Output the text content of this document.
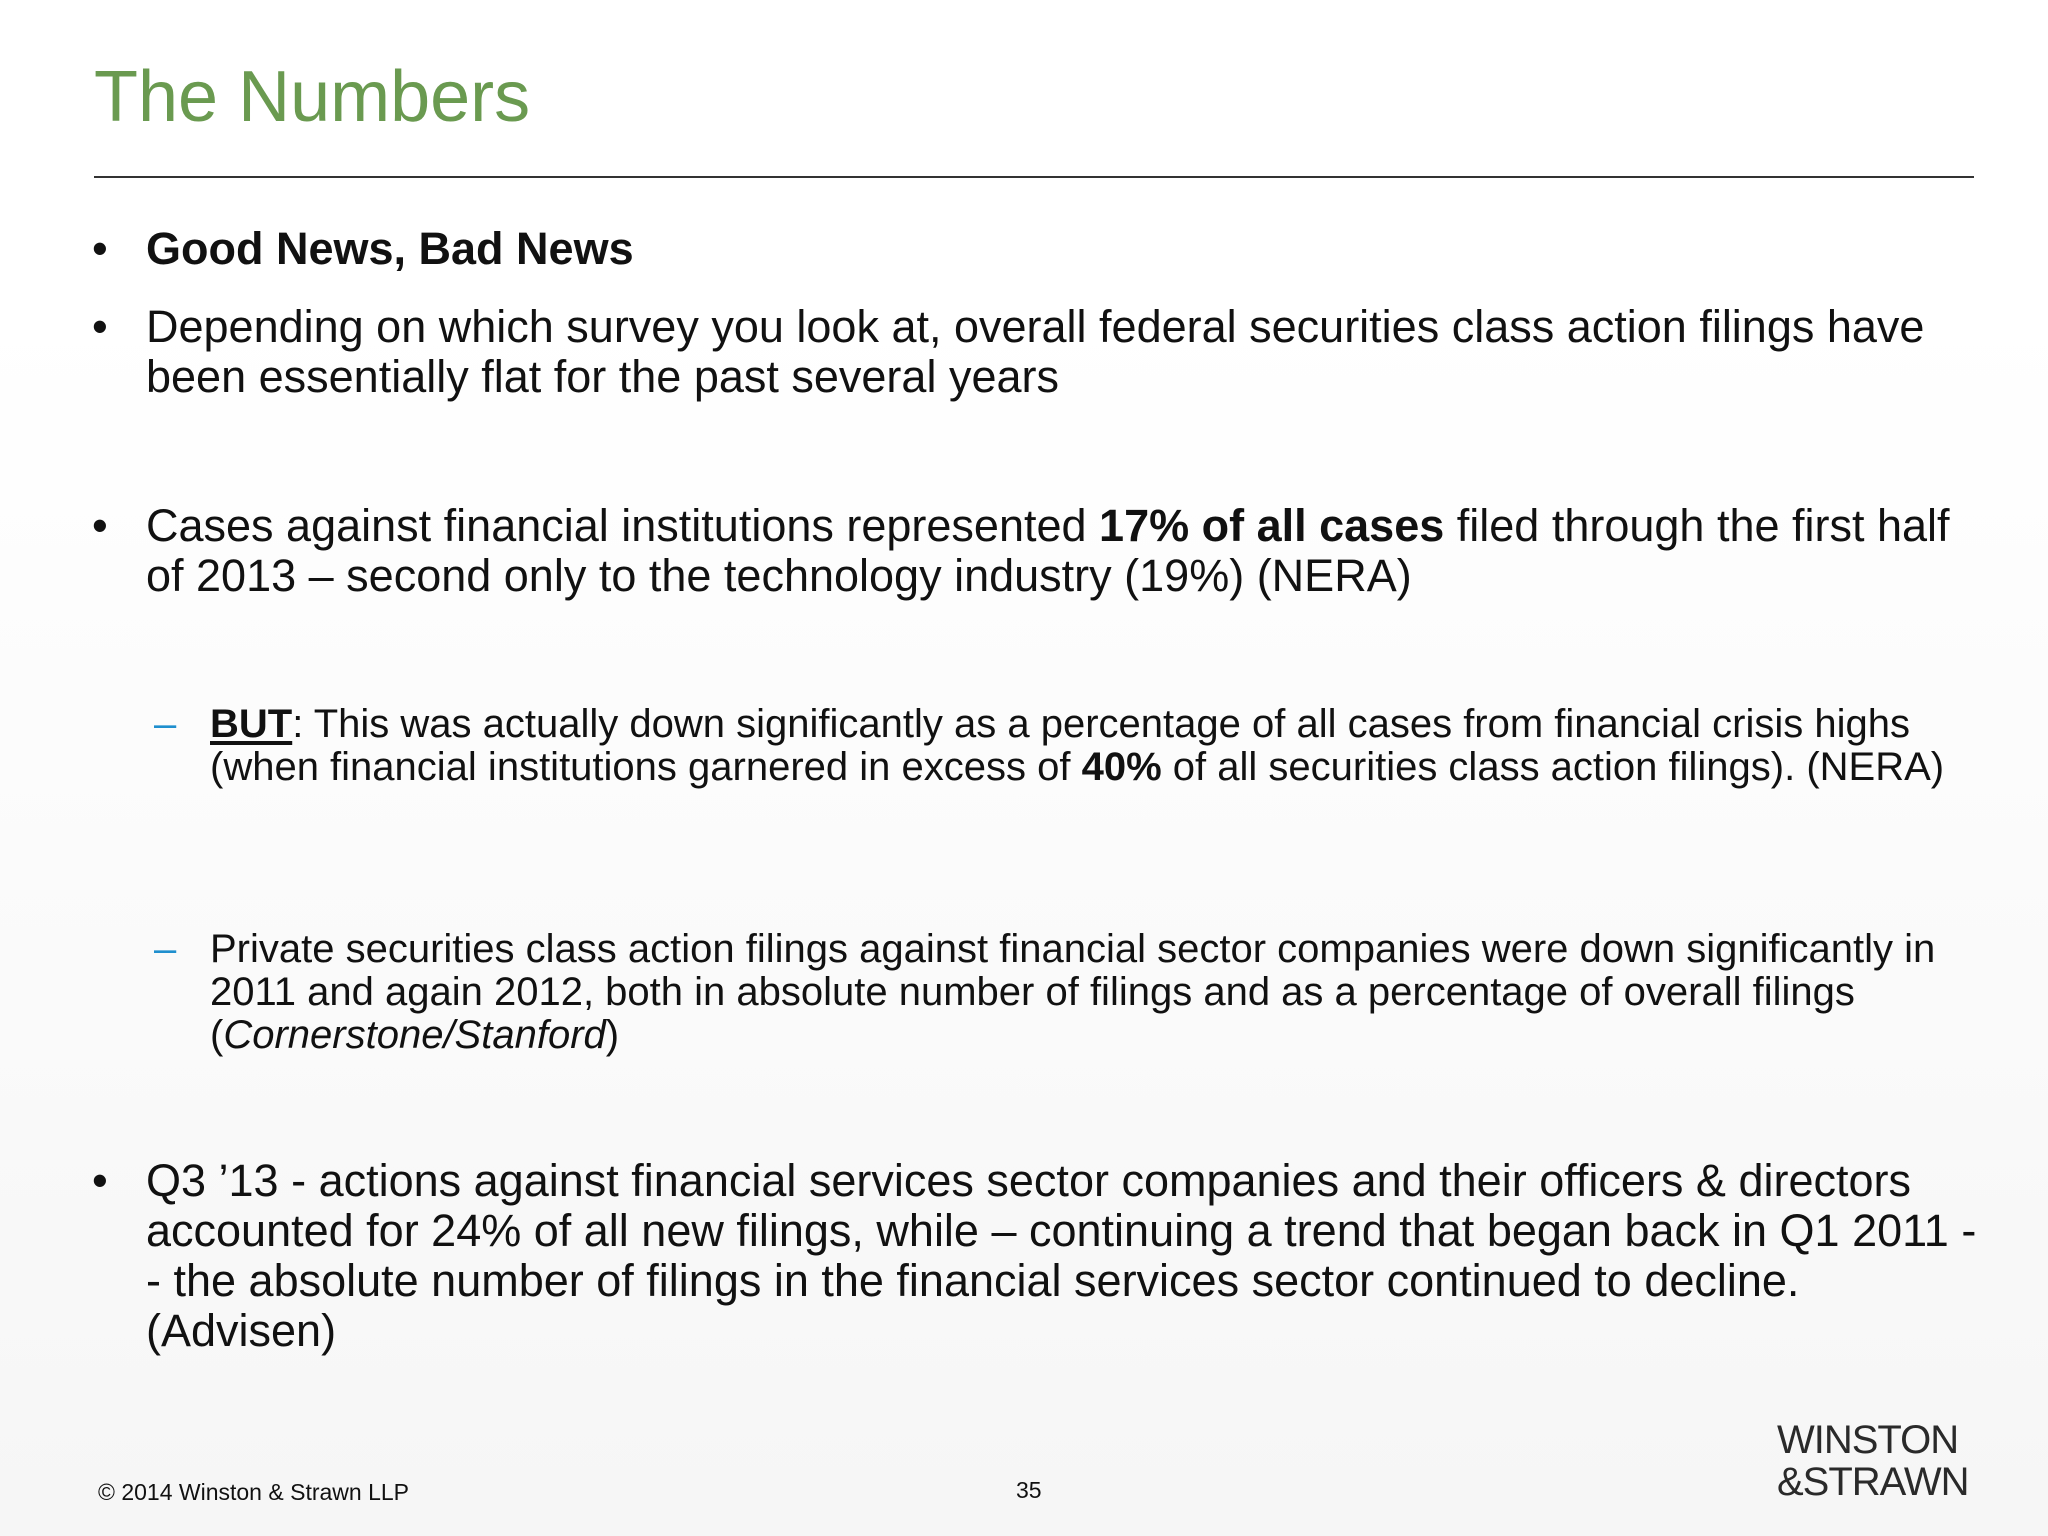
The Numbers
• Good News, Bad News
• Depending on which survey you look at, overall federal securities class action filings have been essentially flat for the past several years
• Cases against financial institutions represented 17% of all cases filed through the first half of 2013 – second only to the technology industry (19%) (NERA)
– BUT: This was actually down significantly as a percentage of all cases from financial crisis highs (when financial institutions garnered in excess of 40% of all securities class action filings). (NERA)
– Private securities class action filings against financial sector companies were down significantly in 2011 and again 2012, both in absolute number of filings and as a percentage of overall filings (Cornerstone/Stanford)
• Q3 ’13 - actions against financial services sector companies and their officers & directors accounted for 24% of all new filings, while – continuing a trend that began back in Q1 2011 -- the absolute number of filings in the financial services sector continued to decline. (Advisen)
© 2014 Winston & Strawn LLP	35
WINSTON
&STRAWN
